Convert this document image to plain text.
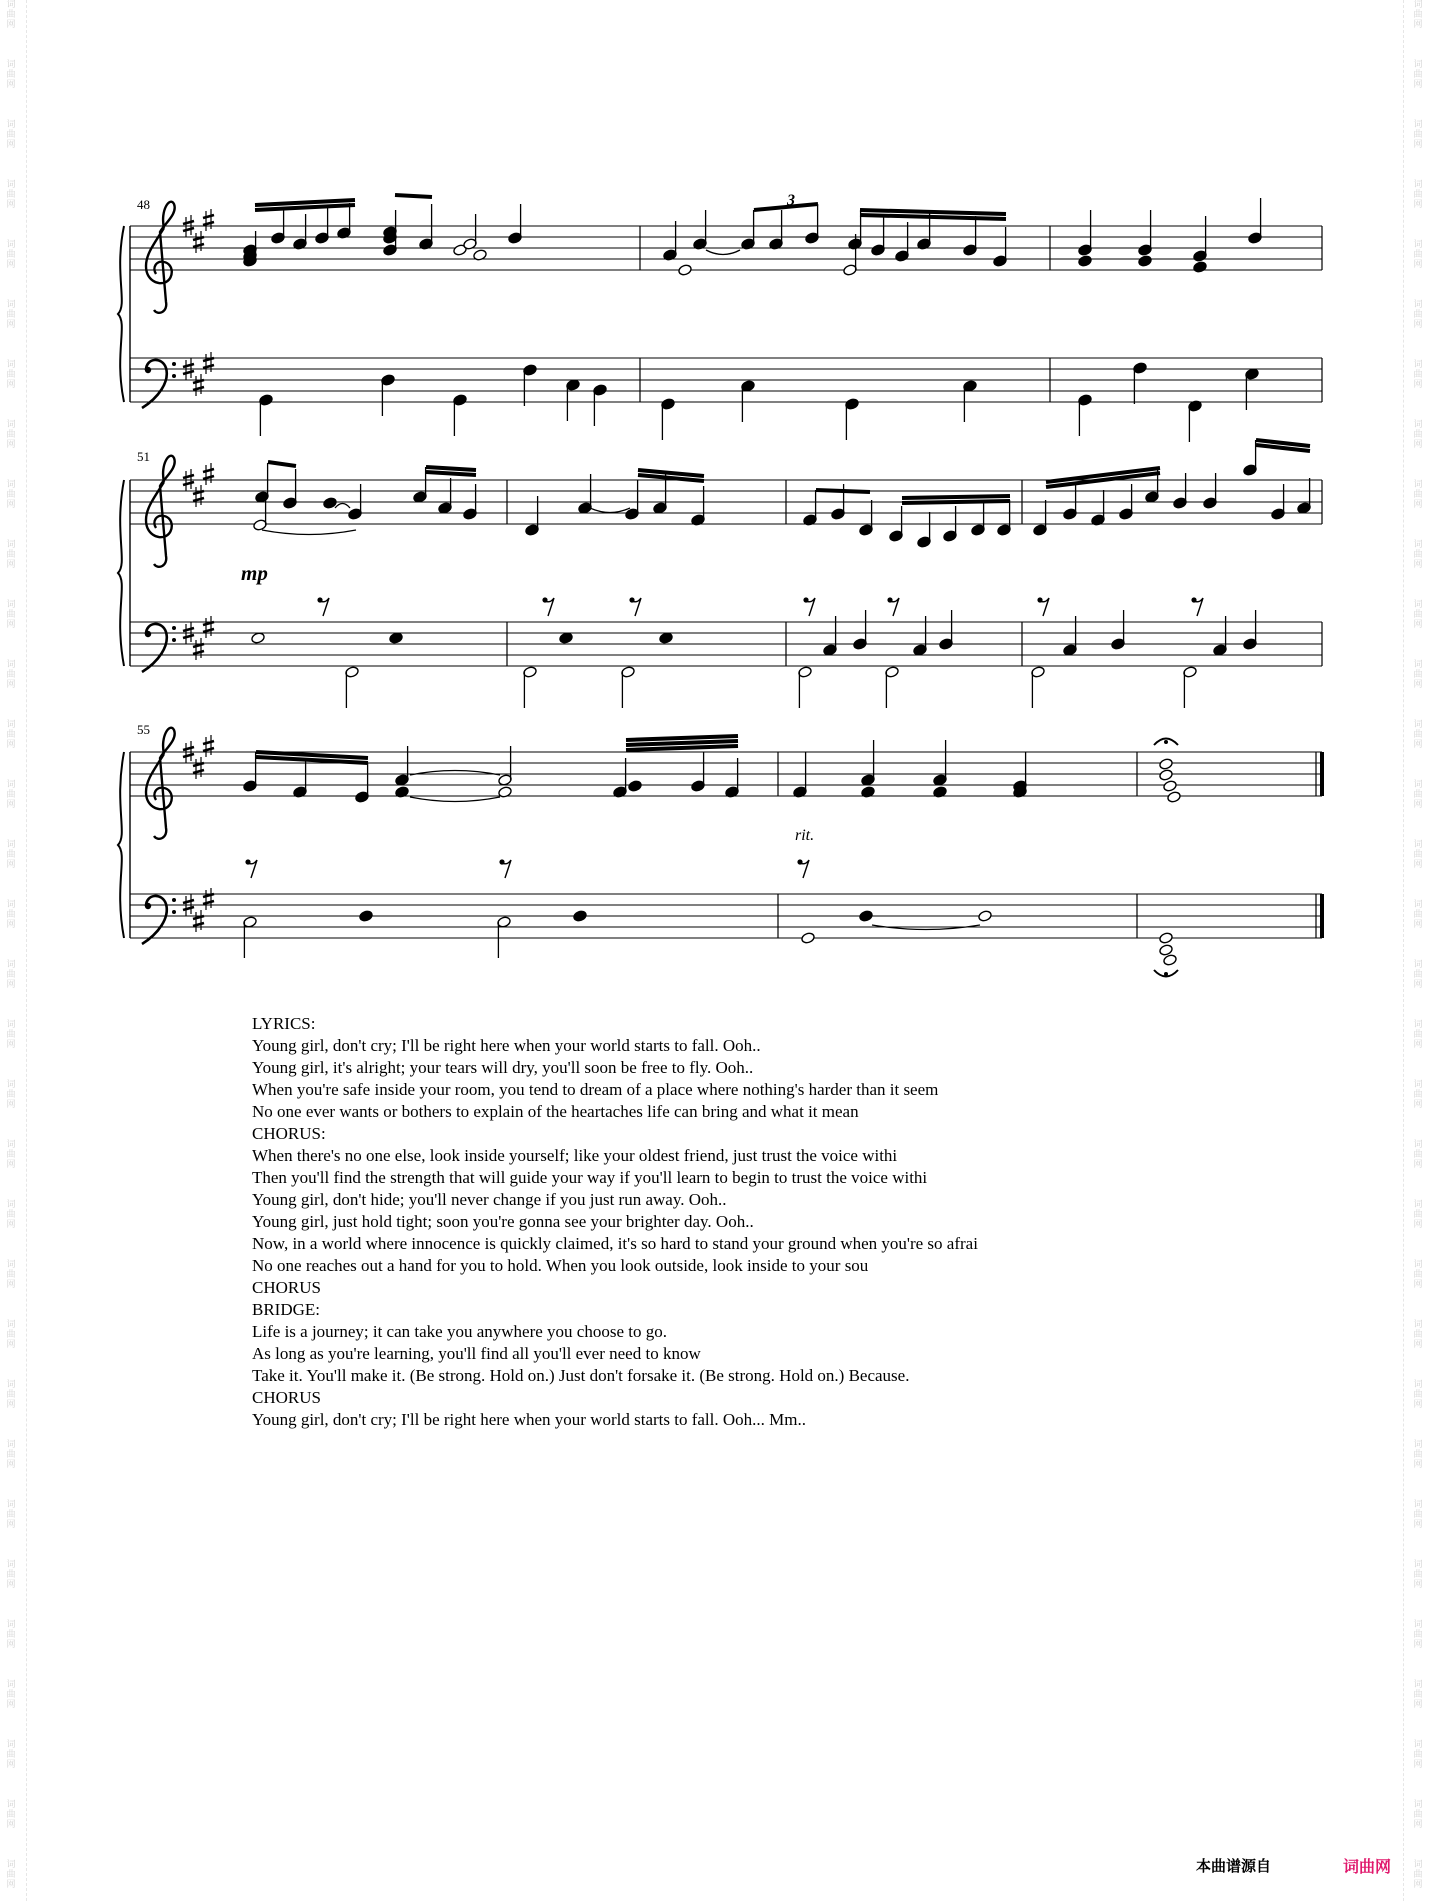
词
曲
网
词
曲
网
词
曲
网
词
曲
网
词
曲
网
词
曲
网
词
曲
网
词
曲
网
词
曲
网
词
曲
网
词
曲
网
词
曲
网
词
曲
网
词
曲
网
词
曲
网
词
曲
网
词
曲
网
词
曲
网
词
曲
网
词
曲
网
词
曲
网
词
曲
网
词
曲
网
词
曲
网
词
曲
网
词
曲
网
词
曲
网
词
曲
网
词
曲
网
词
曲
网
词
曲
网
词
曲
网
词
曲
网
词
曲
网
词
曲
网
词
曲
网
词
曲
网
词
曲
网
词
曲
网
词
曲
网
词
曲
网
词
曲
网
词
曲
网
词
曲
网
词
曲
网
词
曲
网
词
曲
网
词
曲
网
词
曲
网
词
曲
网
词
曲
网
词
曲
网
词
曲
网
词
曲
网
词
曲
网
词
曲
网
词
曲
网
词
曲
网
词
曲
网
词
曲
网
词
曲
网
词
曲
网
词
曲
网
词
曲
网
48
51
55
3
mp
rit.
LYRICS:
Young girl, don't cry; I'll be right here when your world starts to fall. Ooh..
Young girl, it's alright; your tears will dry, you'll soon be free to fly. Ooh..
When you're safe inside your room, you tend to dream of a place where nothing's harder than it seem
No one ever wants or bothers to explain of the heartaches life can bring and what it mean
CHORUS:
When there's no one else, look inside yourself; like your oldest friend, just trust the voice withi
Then you'll find the strength that will guide your way if you'll learn to begin to trust the voice withi
Young girl, don't hide; you'll never change if you just run away. Ooh..
Young girl, just hold tight; soon you're gonna see your brighter day. Ooh..
Now, in a world where innocence is quickly claimed, it's so hard to stand your ground when you're so afrai
No one reaches out a hand for you to hold. When you look outside, look inside to your sou
CHORUS
BRIDGE:
Life is a journey; it can take you anywhere you choose to go.
As long as you're learning, you'll find all you'll ever need to know
Take it. You'll make it. (Be strong. Hold on.) Just don't forsake it. (Be strong. Hold on.) Because.
CHORUS
Young girl, don't cry; I'll be right here when your world starts to fall. Ooh... Mm..
本曲谱源自	词曲网
